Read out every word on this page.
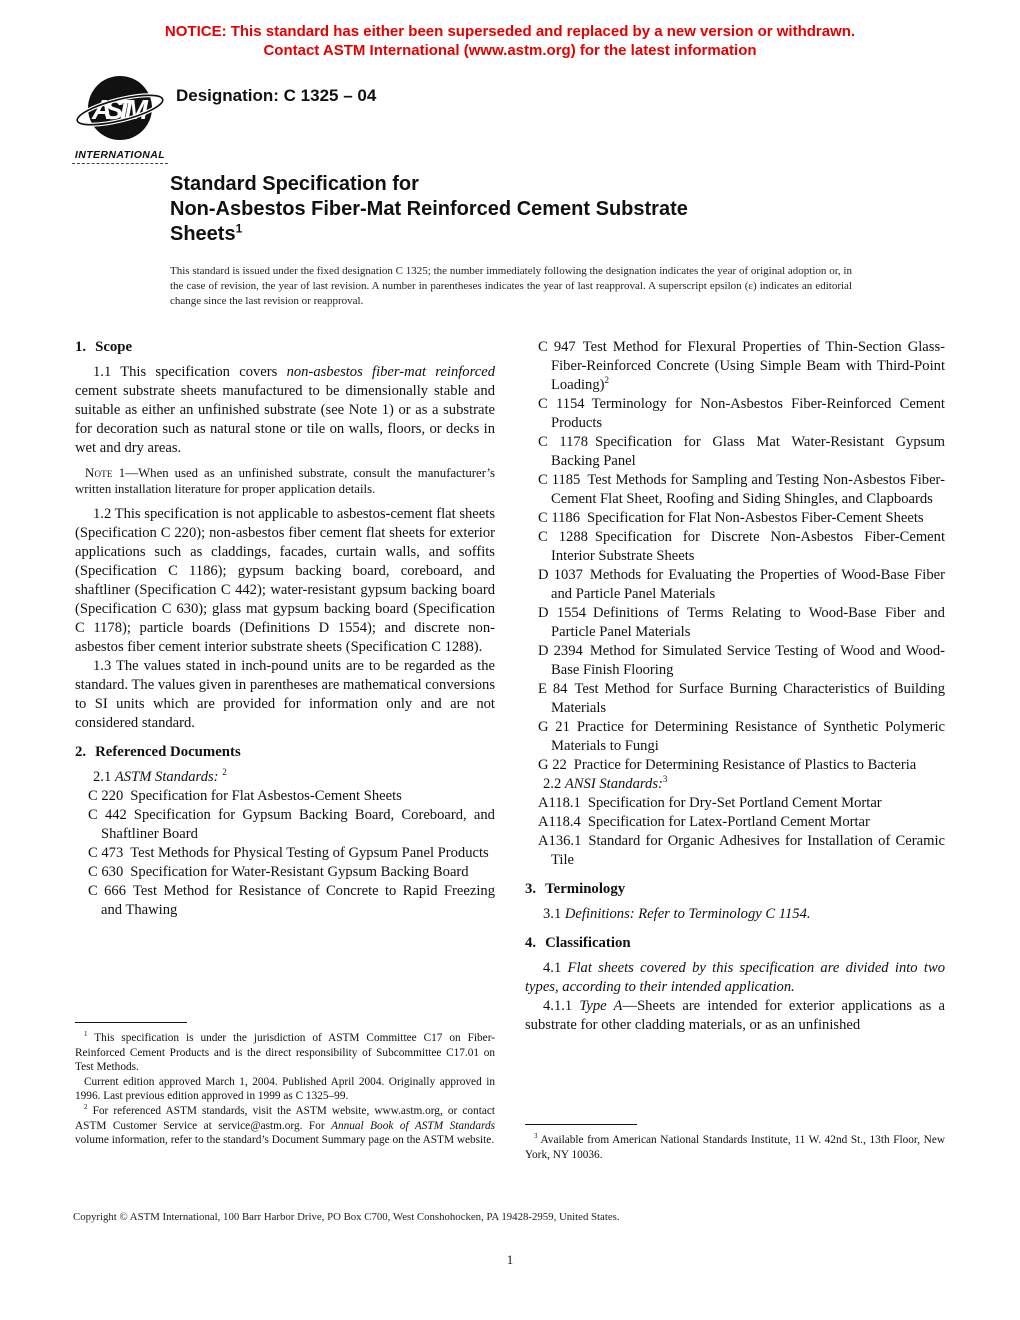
NOTICE: This standard has either been superseded and replaced by a new version or withdrawn.
Contact ASTM International (www.astm.org) for the latest information
ASTM
INTERNATIONAL
Designation: C 1325 – 04
Standard Specification for
Non-Asbestos Fiber-Mat Reinforced Cement Substrate
Sheets$^1$
This standard is issued under the fixed designation C 1325; the number immediately following the designation indicates the year of original adoption or, in the case of revision, the year of last revision. A number in parentheses indicates the year of last reapproval. A superscript epsilon (ε) indicates an editorial change since the last revision or reapproval.
1. Scope

1.1 This specification covers non-asbestos fiber-mat reinforced cement substrate sheets manufactured to be dimensionally stable and suitable as either an unfinished substrate (see Note 1) or as a substrate for decoration such as natural stone or tile on walls, floors, or decks in wet and dry areas.

Note 1—When used as an unfinished substrate, consult the manufacturer’s written installation literature for proper application details.

1.2 This specification is not applicable to asbestos-cement flat sheets (Specification C 220); non-asbestos fiber cement flat sheets for exterior applications such as claddings, facades, curtain walls, and soffits (Specification C 1186); gypsum backing board, coreboard, and shaftliner (Specification C 442); water-resistant gypsum backing board (Specification C 630); glass mat gypsum backing board (Specification C 1178); particle boards (Definitions D 1554); and discrete non-asbestos fiber cement interior substrate sheets (Specification C 1288).

1.3 The values stated in inch-pound units are to be regarded as the standard. The values given in parentheses are mathematical conversions to SI units which are provided for information only and are not considered standard.

2. Referenced Documents

2.1 ASTM Standards: $^2$

C 220 Specification for Flat Asbestos-Cement Sheets

C 442 Specification for Gypsum Backing Board, Coreboard, and Shaftliner Board

C 473 Test Methods for Physical Testing of Gypsum Panel Products

C 630 Specification for Water-Resistant Gypsum Backing Board

C 666 Test Method for Resistance of Concrete to Rapid Freezing and Thawing

C 947 Test Method for Flexural Properties of Thin-Section Glass-Fiber-Reinforced Concrete (Using Simple Beam with Third-Point Loading)$^2$

C 1154 Terminology for Non-Asbestos Fiber-Reinforced Cement Products

C 1178 Specification for Glass Mat Water-Resistant Gypsum Backing Panel

C 1185 Test Methods for Sampling and Testing Non-Asbestos Fiber-Cement Flat Sheet, Roofing and Siding Shingles, and Clapboards

C 1186 Specification for Flat Non-Asbestos Fiber-Cement Sheets

C 1288 Specification for Discrete Non-Asbestos Fiber-Cement Interior Substrate Sheets

D 1037 Methods for Evaluating the Properties of Wood-Base Fiber and Particle Panel Materials

D 1554 Definitions of Terms Relating to Wood-Base Fiber and Particle Panel Materials

D 2394 Method for Simulated Service Testing of Wood and Wood-Base Finish Flooring

E 84 Test Method for Surface Burning Characteristics of Building Materials

G 21 Practice for Determining Resistance of Synthetic Polymeric Materials to Fungi

G 22 Practice for Determining Resistance of Plastics to Bacteria

2.2 ANSI Standards:$^3$

A118.1 Specification for Dry-Set Portland Cement Mortar

A118.4 Specification for Latex-Portland Cement Mortar

A136.1 Standard for Organic Adhesives for Installation of Ceramic Tile

3. Terminology

3.1 Definitions: Refer to Terminology C 1154.

4. Classification

4.1 Flat sheets covered by this specification are divided into two types, according to their intended application.

4.1.1 Type A—Sheets are intended for exterior applications as a substrate for other cladding materials, or as an unfinished

$^1$ This specification is under the jurisdiction of ASTM Committee C17 on Fiber-Reinforced Cement Products and is the direct responsibility of Subcommittee C17.01 on Test Methods.

Current edition approved March 1, 2004. Published April 2004. Originally approved in 1996. Last previous edition approved in 1999 as C 1325–99.

$^2$ For referenced ASTM standards, visit the ASTM website, www.astm.org, or contact ASTM Customer Service at service@astm.org. For Annual Book of ASTM Standards volume information, refer to the standard’s Document Summary page on the ASTM website.	$^3$ Available from American National Standards Institute, 11 W. 42nd St., 13th Floor, New York, NY 10036.

Copyright © ASTM International, 100 Barr Harbor Drive, PO Box C700, West Conshohocken, PA 19428-2959, United States.
1
